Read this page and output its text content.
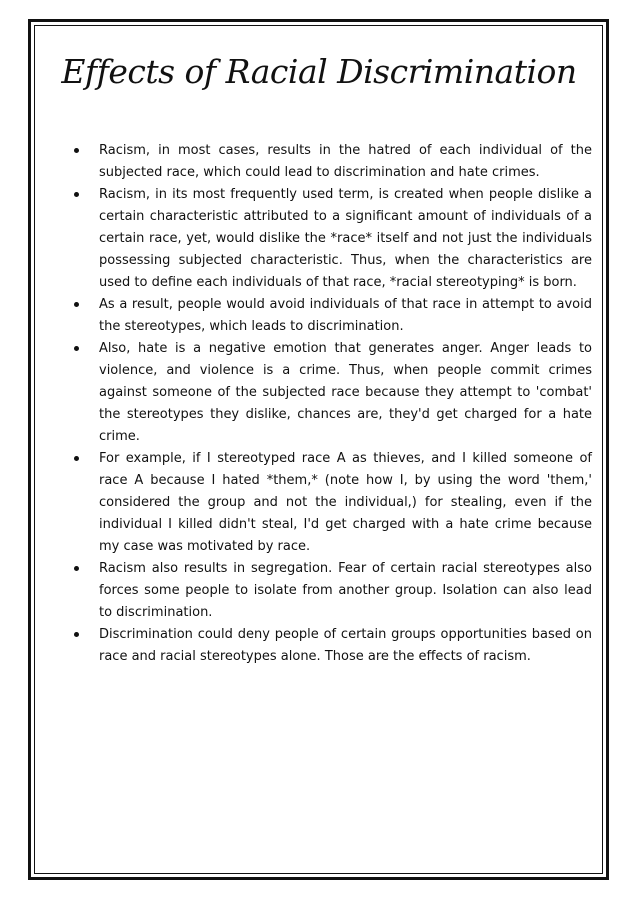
Effects of Racial Discrimination
Racism, in most cases, results in the hatred of each individual of the subjected race, which could lead to discrimination and hate crimes.
Racism, in its most frequently used term, is created when people dislike a certain characteristic attributed to a significant amount of individuals of a certain race, yet, would dislike the *race* itself and not just the individuals possessing subjected characteristic. Thus, when the characteristics are used to define each individuals of that race, *racial stereotyping* is born.
As a result, people would avoid individuals of that race in attempt to avoid the stereotypes, which leads to discrimination.
Also, hate is a negative emotion that generates anger. Anger leads to violence, and violence is a crime. Thus, when people commit crimes against someone of the subjected race because they attempt to 'combat' the stereotypes they dislike, chances are, they'd get charged for a hate crime.
For example, if I stereotyped race A as thieves, and I killed someone of race A because I hated *them,* (note how I, by using the word 'them,' considered the group and not the individual,) for stealing, even if the individual I killed didn't steal, I'd get charged with a hate crime because my case was motivated by race.
Racism also results in segregation. Fear of certain racial stereotypes also forces some people to isolate from another group. Isolation can also lead to discrimination.
Discrimination could deny people of certain groups opportunities based on race and racial stereotypes alone. Those are the effects of racism.
